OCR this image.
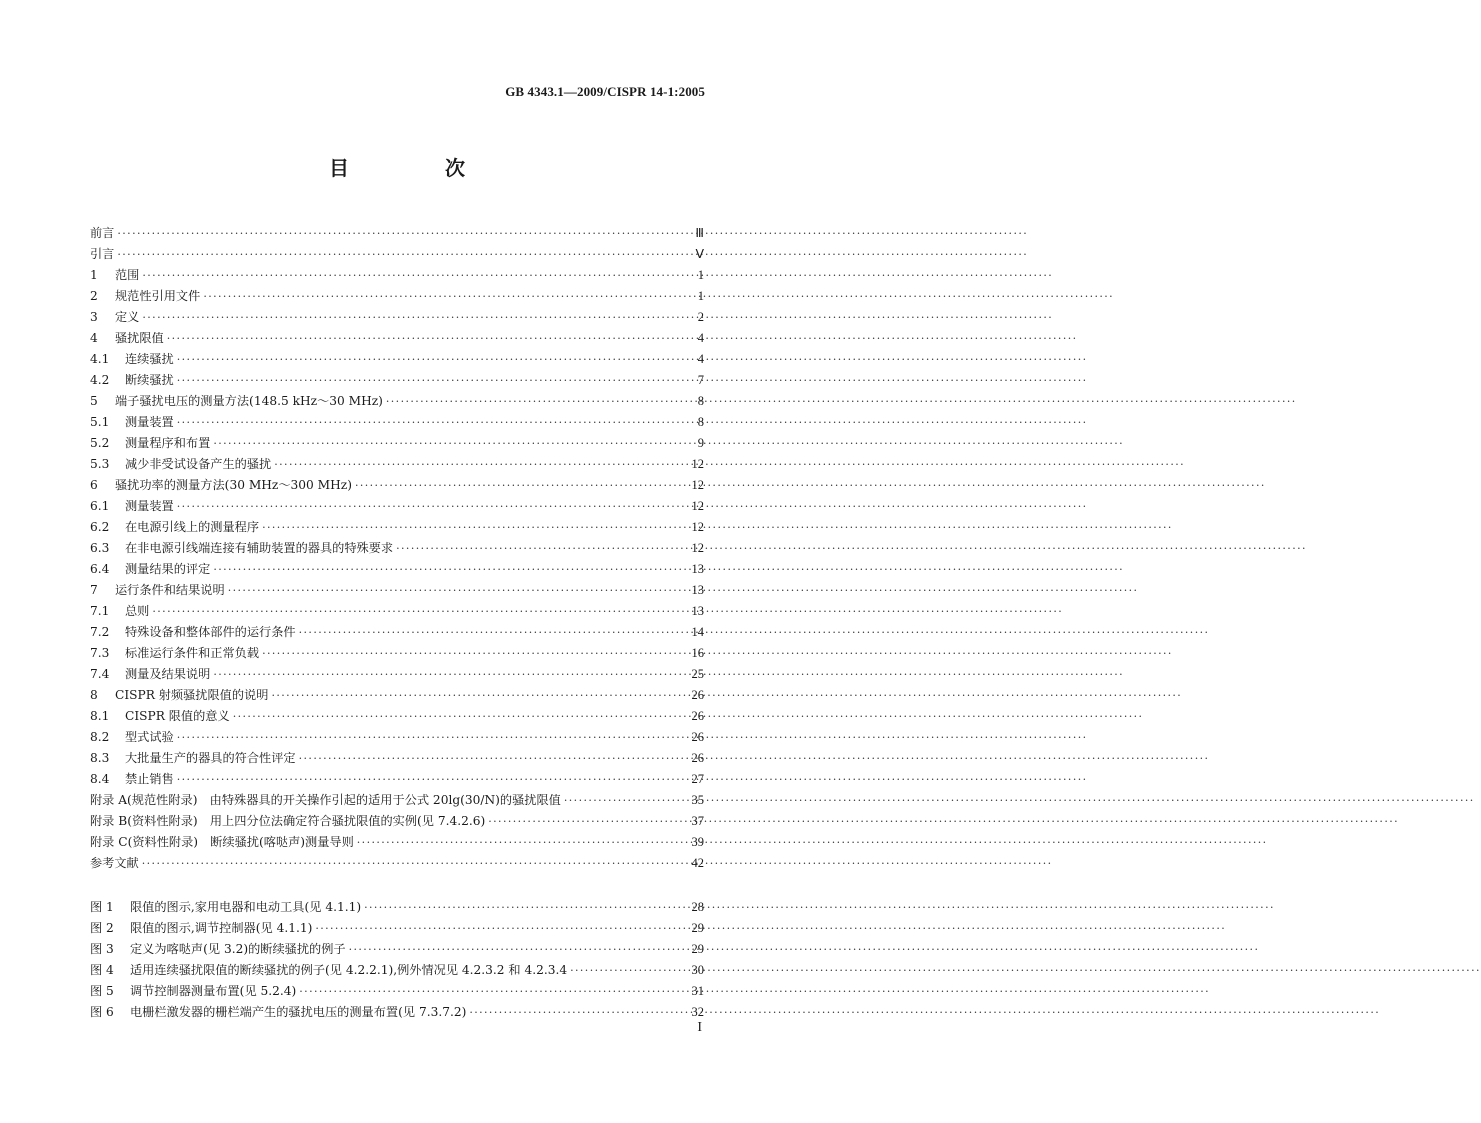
GB 4343.1—2009/CISPR 14-1:2005
目　次
前言 ·····	Ⅲ
引言 ·····	Ⅴ
1	范围 ·····	1
2	规范性引用文件 ·····	1
3	定义 ·····	2
4	骚扰限值 ·····	4
4.1	连续骚扰 ·····	4
4.2	断续骚扰 ·····	7
5	端子骚扰电压的测量方法(148.5 kHz～30 MHz) ·····	8
5.1	测量装置 ·····	8
5.2	测量程序和布置 ·····	9
5.3	减少非受试设备产生的骚扰 ·····	12
6	骚扰功率的测量方法(30 MHz～300 MHz) ·····	12
6.1	测量装置 ·····	12
6.2	在电源引线上的测量程序 ·····	12
6.3	在非电源引线端连接有辅助装置的器具的特殊要求 ·····	12
6.4	测量结果的评定 ·····	13
7	运行条件和结果说明 ·····	13
7.1	总则 ·····	13
7.2	特殊设备和整体部件的运行条件 ·····	14
7.3	标准运行条件和正常负载 ·····	16
7.4	测量及结果说明 ·····	25
8	CISPR 射频骚扰限值的说明 ·····	26
8.1	CISPR 限值的意义 ·····	26
8.2	型式试验 ·····	26
8.3	大批量生产的器具的符合性评定 ·····	26
8.4	禁止销售 ·····	27
附录 A(规范性附录)　由特殊器具的开关操作引起的适用于公式 20lg(30/N)的骚扰限值 ·····	35
附录 B(资料性附录)　用上四分位法确定符合骚扰限值的实例(见 7.4.2.6) ·····	37
附录 C(资料性附录)　断续骚扰(喀哒声)测量导则 ·····	39
参考文献 ·····	42
图 1	限值的图示,家用电器和电动工具(见 4.1.1) ·····	28
图 2	限值的图示,调节控制器(见 4.1.1) ·····	29
图 3	定义为喀哒声(见 3.2)的断续骚扰的例子 ·····	29
图 4	适用连续骚扰限值的断续骚扰的例子(见 4.2.2.1),例外情况见 4.2.3.2 和 4.2.3.4 ·····	30
图 5	调节控制器测量布置(见 5.2.4) ·····	31
图 6	电栅栏激发器的栅栏端产生的骚扰电压的测量布置(见 7.3.7.2) ·····	32
I
